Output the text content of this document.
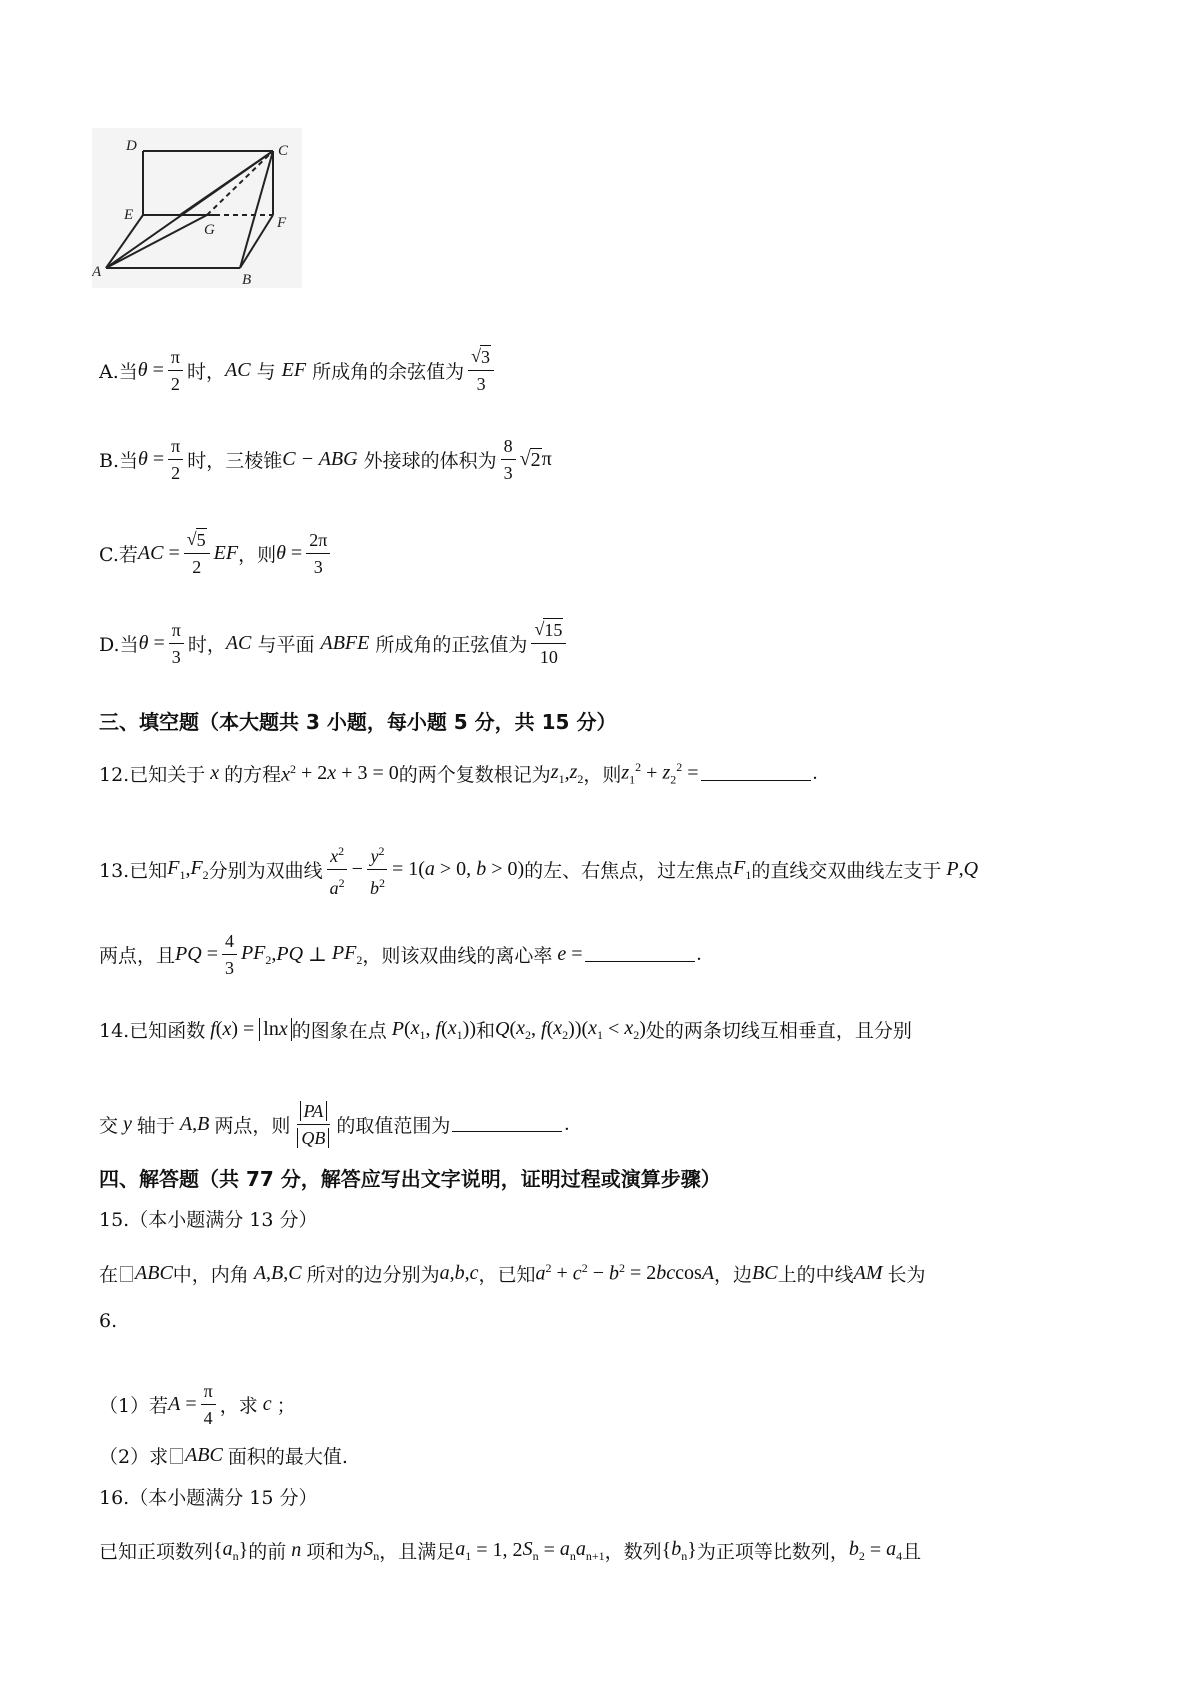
D	C
E
G	F
A	B
A.当 $\theta = \frac{\pi}{2}$ 时， AC
与
EF
所成角的余弦值为 $\frac{√ 3}{3}$
B.当 $\theta = \frac{\pi}{2}$ 时，三棱锥 C − ABG
外接球的体积为 $\frac{8}{3}$ √ 2 π
C.若 AC = $\frac{√ 5}{2}$ EF ，则 $\theta = \frac{2\pi}{3}$
D.当 $\theta = \frac{\pi}{3}$ 时， AC
与平面
ABFE
所成角的正弦值为 $\frac{√ 15}{10}$
三、填空题（本大题共 3 小题，每小题 5 分，共 15 分）
12.已知关于 x 的方程 $x^2 + 2$ x + 3 = 0 的两个复数根记为 $z_1$ , $z_2$ ，则 $z_1^2 + z_2^2$ =	.
13.已知 $F_1$ , $F_2$ 分别为双曲线 $\frac{x^2}{a^2} - \frac{y^2}{b^2} = 1$( a > 0, b > 0) 的左、右焦点，过左焦点 $F_1$ 的直线交双曲线左支于 P , Q
两点，且 PQ = $\frac{4}{3} PF_2$ , PQ ⊥ $PF_2$ ，则该双曲线的离心率 e =	.
14.已知函数 f ( x ) = lnx 的图象在点 P ( $x_1$ , f ( $x_1$ )) 和 Q ( $x_2$ , f ( $x_2$ ))( $x_1 < x_2$ ) 处的两条切线互相垂直，且分别
交 y 轴于 A , B 两点，则 $\frac{PA}{QB}$ 的取值范围为	.
四、解答题（共 77 分，解答应写出文字说明，证明过程或演算步骤）
15.（本小题满分 13 分）
在 ABC 中，内角 A , B , C 所对的边分别为 a , b , c ，已知 $a^2 + c^2 - b^2 = 2$ bc cos A ，边 BC 上的中线 AM 长为
6.
（1）若 $A = \frac{\pi}{4}$ ，求 c ；
（2）求 ABC 面积的最大值.
16.（本小题满分 15 分）
已知正项数列 { $a_n$ } 的前 n 项和为 $S_n$ ，且满足 $a_1 = 1$, 2 $S_n = a_na_{n+1}$ ，数列 { $b_n$ } 为正项等比数列， $b_2 = a_4$ 且
